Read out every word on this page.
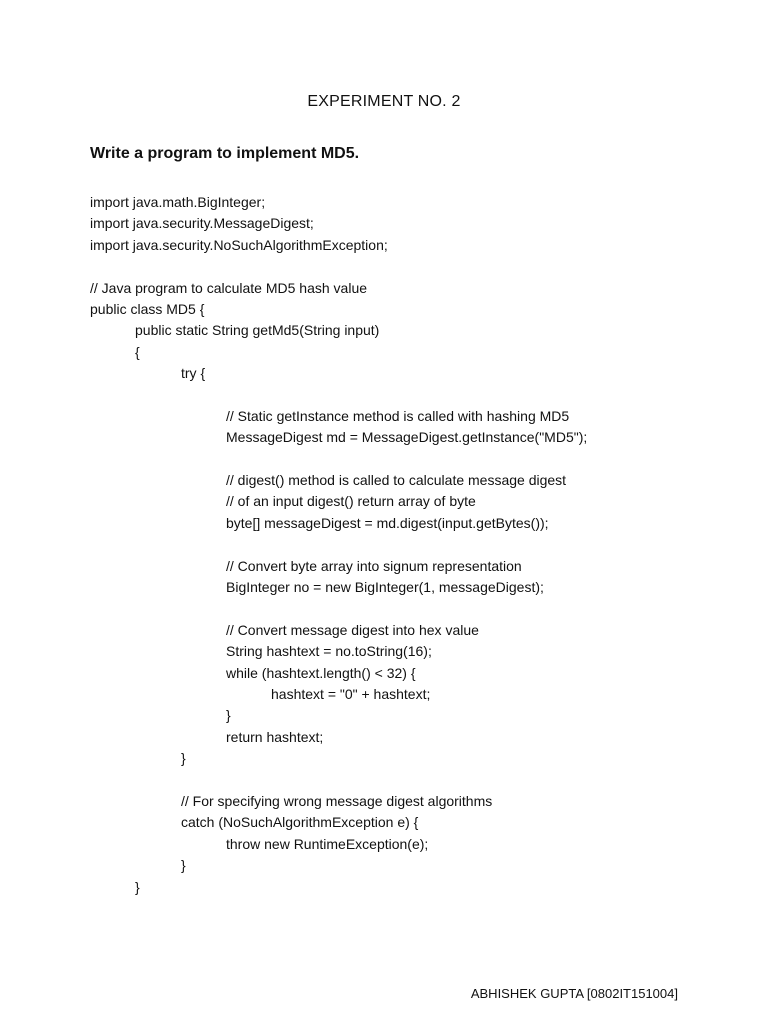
EXPERIMENT NO. 2
Write a program to implement MD5.
import java.math.BigInteger;
import java.security.MessageDigest;
import java.security.NoSuchAlgorithmException;
// Java program to calculate MD5 hash value
public class MD5 {
public static String getMd5(String input)
{
try {
// Static getInstance method is called with hashing MD5
MessageDigest md = MessageDigest.getInstance("MD5");
// digest() method is called to calculate message digest
// of an input digest() return array of byte
byte[] messageDigest = md.digest(input.getBytes());
// Convert byte array into signum representation
BigInteger no = new BigInteger(1, messageDigest);
// Convert message digest into hex value
String hashtext = no.toString(16);
while (hashtext.length() < 32) {
hashtext = "0" + hashtext;
}
return hashtext;
}
// For specifying wrong message digest algorithms
catch (NoSuchAlgorithmException e) {
throw new RuntimeException(e);
}
}
ABHISHEK GUPTA [0802IT151004]
